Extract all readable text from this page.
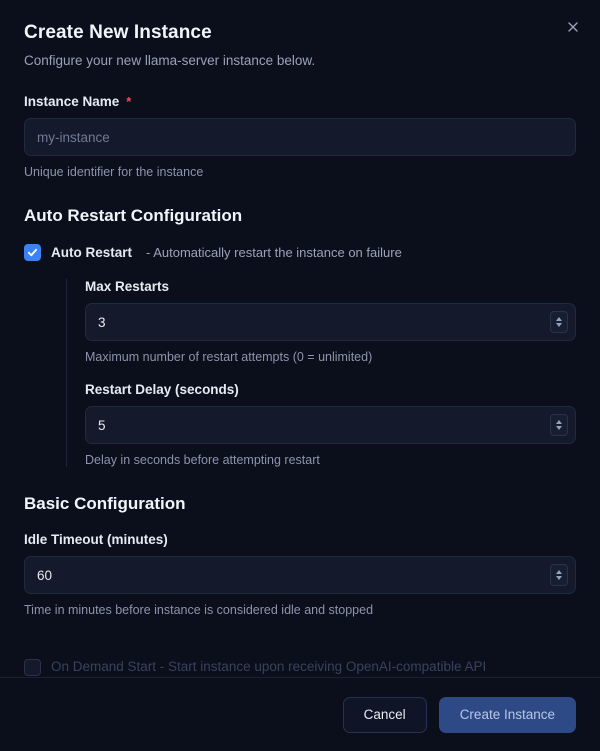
Create New Instance
Configure your new llama-server instance below.
Instance Name *
my-instance
Unique identifier for the instance
Auto Restart Configuration
Auto Restart - Automatically restart the instance on failure
Max Restarts
3
Maximum number of restart attempts (0 = unlimited)
Restart Delay (seconds)
5
Delay in seconds before attempting restart
Basic Configuration
Idle Timeout (minutes)
60
Time in minutes before instance is considered idle and stopped
On Demand Start - Start instance upon receiving OpenAI-compatible API
Cancel	Create Instance
